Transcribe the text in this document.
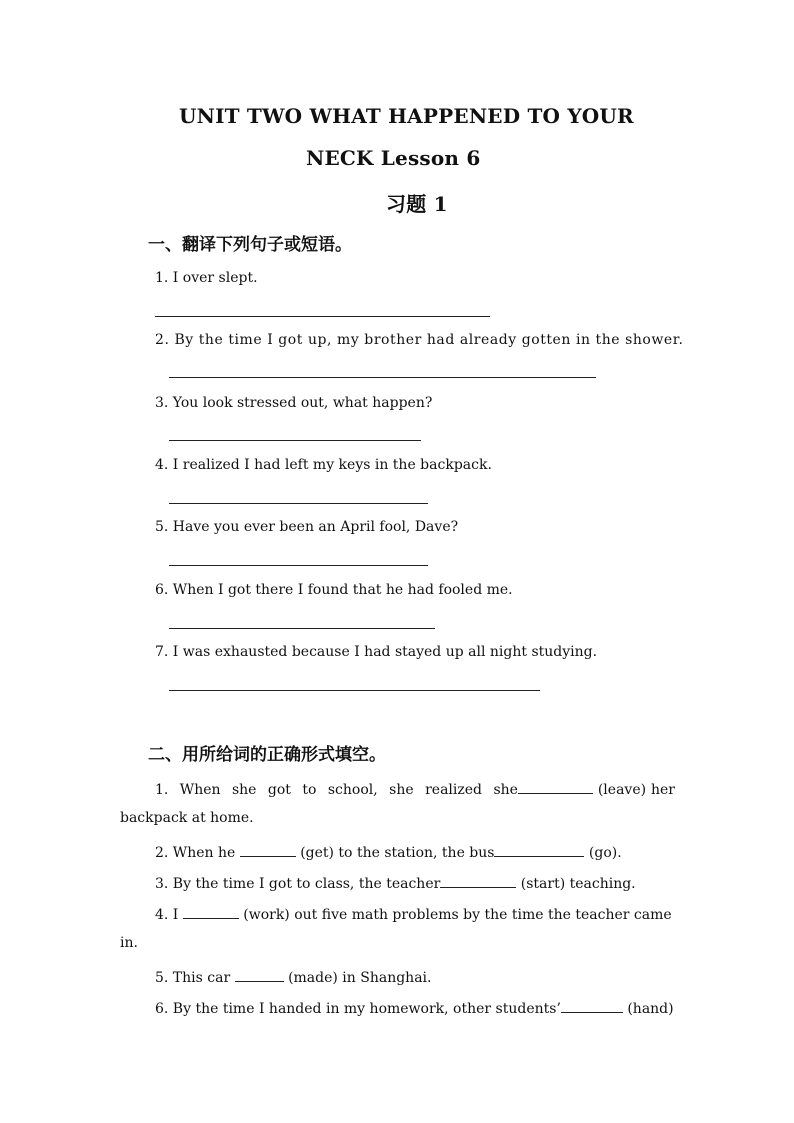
UNIT TWO WHAT HAPPENED TO YOUR
NECK Lesson 6
习题 1
一、翻译下列句子或短语。
1. I over slept.
2. By the time I got up, my brother had already gotten in the shower.
3. You look stressed out, what happen?
4. I realized I had left my keys in the backpack.
5. Have you ever been an April fool, Dave?
6. When I got there I found that he had fooled me.
7. I was exhausted because I had stayed up all night studying.
二、用所给词的正确形式填空。
1. When she got to school, she realized she	(leave) her
backpack at home.
2. When he	(get) to the station, the bus	(go).
3. By the time I got to class, the teacher	(start) teaching.
4. I	(work) out five math problems by the time the teacher came
in.
5. This car	(made) in Shanghai.
6. By the time I handed in my homework, other students’	(hand)
